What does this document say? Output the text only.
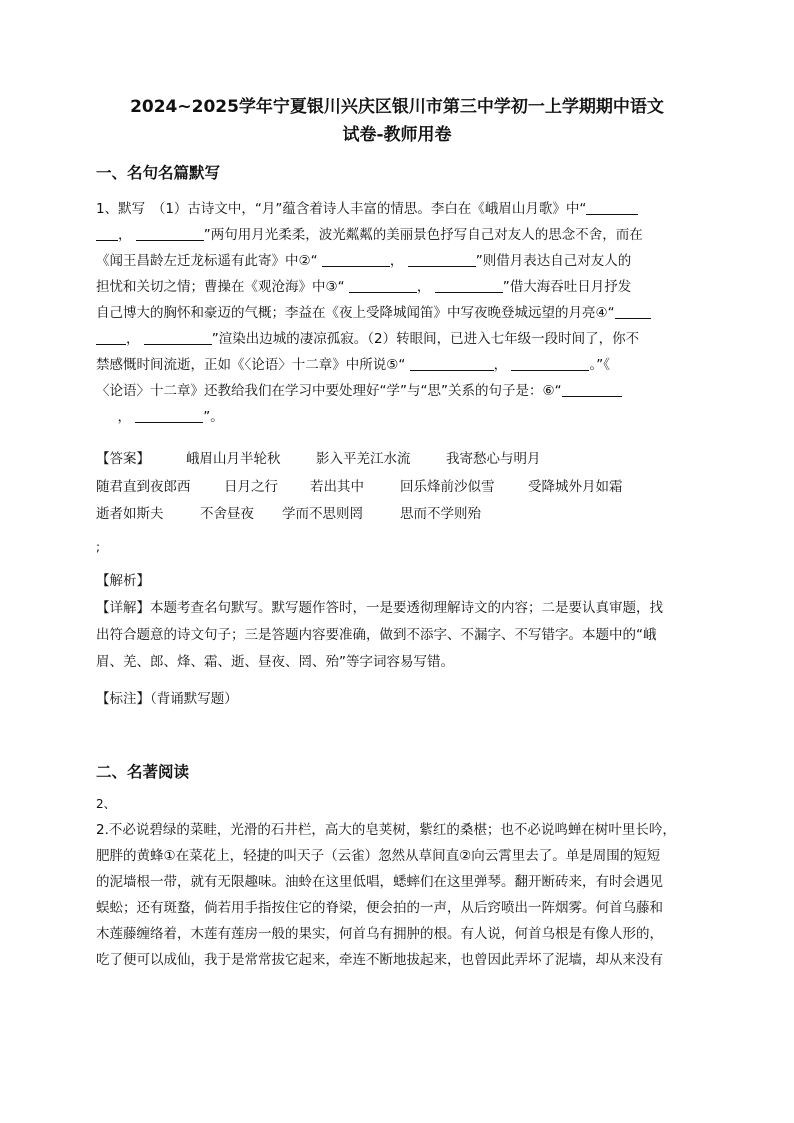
2024~2025学年宁夏银川兴庆区银川市第三中学初一上学期期中语文

试卷-教师用卷

一、名句名篇默写

1、默写　（1）古诗文中，“月”蕴含着诗人丰富的情思。李白在《峨眉山月歌》中“
，	”两句用月光柔柔，波光粼粼的美丽景色抒写自己对友人的思念不舍，而在
《闻王昌龄左迁龙标遥有此寄》中②“	，	”则借月表达自己对友人的
担忧和关切之情；曹操在《观沧海》中③“	，	”借大海吞吐日月抒发
自己博大的胸怀和豪迈的气概；李益在《夜上受降城闻笛》中写夜晚登城远望的月亮④“
，	”渲染出边城的凄凉孤寂。（2）转眼间，已进入七年级一段时间了，你不
禁感慨时间流逝，正如《〈论语〉十二章》中所说⑤“	，	。”《
〈论语〉十二章》还教给我们在学习中要处理好“学”与“思”关系的句子是：⑥“
，	”。
【答案】	峨眉山月半轮秋	影入平羌江水流	我寄愁心与明月
随君直到夜郎西 日月之行 若出其中	回乐烽前沙似雪 受降城外月如霜
逝者如斯夫	不舍昼夜 学而不思则罔	思而不学则殆
;
【解析】
【详解】本题考查名句默写。默写题作答时，一是要透彻理解诗文的内容；二是要认真审题，找
出符合题意的诗文句子；三是答题内容要准确，做到不添字、不漏字、不写错字。本题中的“峨
眉、羌、郎、烽、霜、逝、昼夜、罔、殆”等字词容易写错。
【标注】（背诵默写题）

二、名著阅读

2、
2.不必说碧绿的菜畦，光滑的石井栏，高大的皂荚树，紫红的桑椹；也不必说鸣蝉在树叶里长吟，
肥胖的黄蜂①在菜花上，轻捷的叫天子（云雀）忽然从草间直②向云霄里去了。单是周围的短短
的泥墙根一带，就有无限趣味。油蛉在这里低唱，蟋蟀们在这里弹琴。翻开断砖来，有时会遇见
蜈蚣；还有斑蝥，倘若用手指按住它的脊梁，便会拍的一声，从后窍喷出一阵烟雾。何首乌藤和
木莲藤缠络着，木莲有莲房一般的果实，何首乌有拥肿的根。有人说，何首乌根是有像人形的，
吃了便可以成仙，我于是常常拔它起来，牵连不断地拔起来，也曾因此弄坏了泥墙，却从来没有
